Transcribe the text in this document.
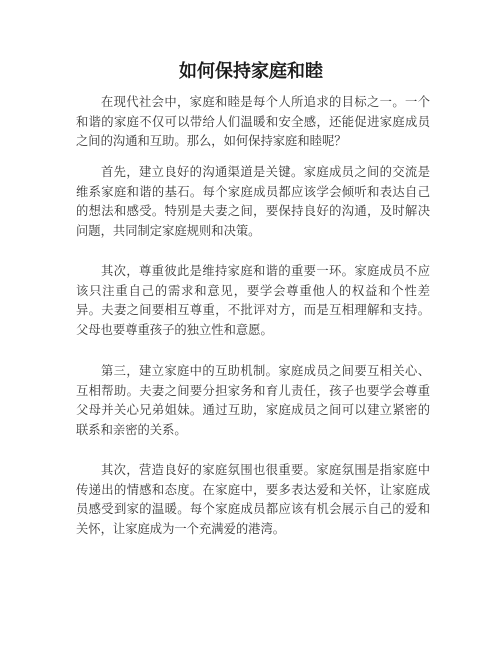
如何保持家庭和睦

在现代社会中，家庭和睦是每个人所追求的目标之一。一个和谐的家庭不仅可以带给人们温暖和安全感，还能促进家庭成员之间的沟通和互助。那么，如何保持家庭和睦呢？

首先，建立良好的沟通渠道是关键。家庭成员之间的交流是维系家庭和谐的基石。每个家庭成员都应该学会倾听和表达自己的想法和感受。特别是夫妻之间，要保持良好的沟通，及时解决问题，共同制定家庭规则和决策。

其次，尊重彼此是维持家庭和谐的重要一环。家庭成员不应该只注重自己的需求和意见，要学会尊重他人的权益和个性差异。夫妻之间要相互尊重，不批评对方，而是互相理解和支持。父母也要尊重孩子的独立性和意愿。

第三，建立家庭中的互助机制。家庭成员之间要互相关心、互相帮助。夫妻之间要分担家务和育儿责任，孩子也要学会尊重父母并关心兄弟姐妹。通过互助，家庭成员之间可以建立紧密的联系和亲密的关系。

其次，营造良好的家庭氛围也很重要。家庭氛围是指家庭中传递出的情感和态度。在家庭中，要多表达爱和关怀，让家庭成员感受到家的温暖。每个家庭成员都应该有机会展示自己的爱和关怀，让家庭成为一个充满爱的港湾。
